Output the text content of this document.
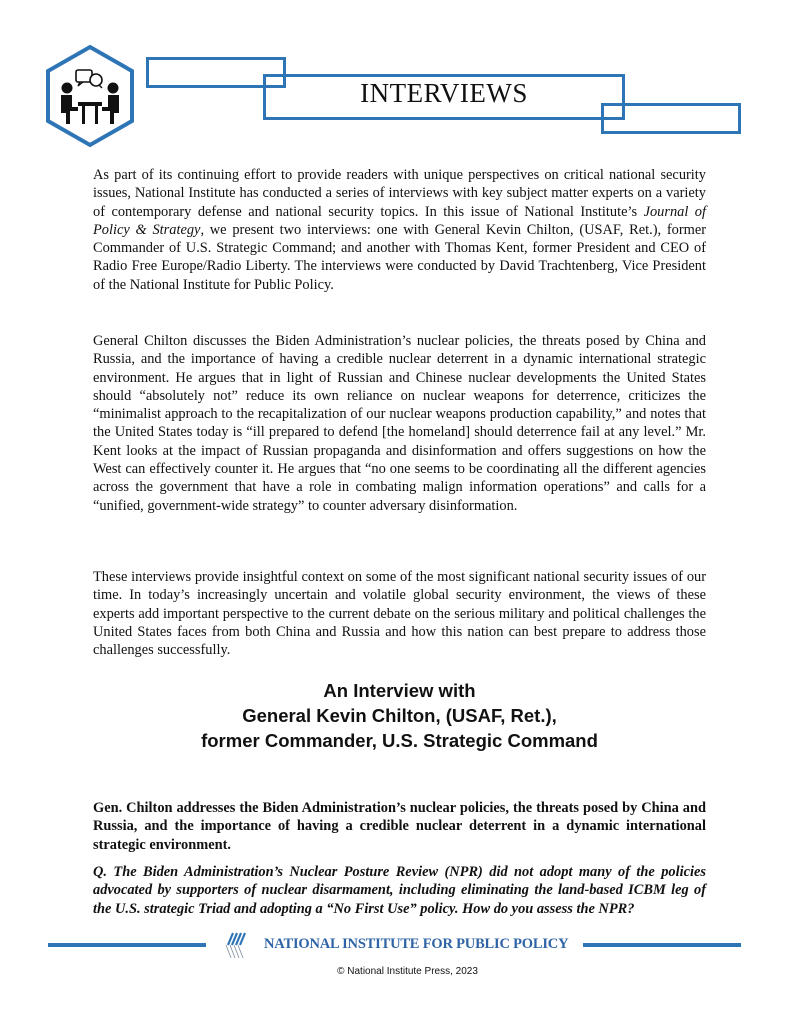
INTERVIEWS

As part of its continuing effort to provide readers with unique perspectives on critical national security issues, National Institute has conducted a series of interviews with key subject matter experts on a variety of contemporary defense and national security topics. In this issue of National Institute’s Journal of Policy & Strategy, we present two interviews: one with General Kevin Chilton, (USAF, Ret.), former Commander of U.S. Strategic Command; and another with Thomas Kent, former President and CEO of Radio Free Europe/Radio Liberty. The interviews were conducted by David Trachtenberg, Vice President of the National Institute for Public Policy.

General Chilton discusses the Biden Administration’s nuclear policies, the threats posed by China and Russia, and the importance of having a credible nuclear deterrent in a dynamic international strategic environment. He argues that in light of Russian and Chinese nuclear developments the United States should “absolutely not” reduce its own reliance on nuclear weapons for deterrence, criticizes the “minimalist approach to the recapitalization of our nuclear weapons production capability,” and notes that the United States today is “ill prepared to defend [the homeland] should deterrence fail at any level.” Mr. Kent looks at the impact of Russian propaganda and disinformation and offers suggestions on how the West can effectively counter it. He argues that “no one seems to be coordinating all the different agencies across the government that have a role in combating malign information operations” and calls for a “unified, government-wide strategy” to counter adversary disinformation.

These interviews provide insightful context on some of the most significant national security issues of our time. In today’s increasingly uncertain and volatile global security environment, the views of these experts add important perspective to the current debate on the serious military and political challenges the United States faces from both China and Russia and how this nation can best prepare to address those challenges successfully.

An Interview with
General Kevin Chilton, (USAF, Ret.),
former Commander, U.S. Strategic Command

Gen. Chilton addresses the Biden Administration’s nuclear policies, the threats posed by China and Russia, and the importance of having a credible nuclear deterrent in a dynamic international strategic environment.

Q. The Biden Administration’s Nuclear Posture Review (NPR) did not adopt many of the policies advocated by supporters of nuclear disarmament, including eliminating the land-based ICBM leg of the U.S. strategic Triad and adopting a “No First Use” policy. How do you assess the NPR?

NATIONAL INSTITUTE FOR PUBLIC POLICY
© National Institute Press, 2023
